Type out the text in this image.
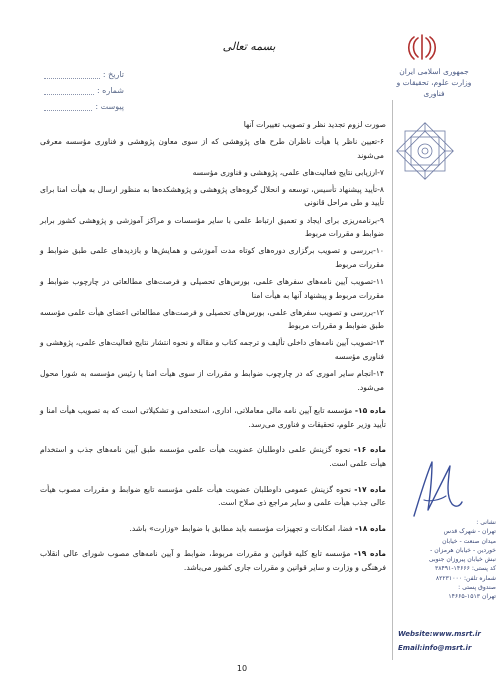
بسمه تعالی
تاریخ :
شماره :
پیوست :
جمهوری اسلامی ایران
وزارت علوم، تحقیقات و فناوری

صورت لزوم تجدید نظر و تصویب تغییرات آنها

۶-تعیین ناظر یا هیأت ناظران طرح های پژوهشی که از سوی معاون پژوهشی و فناوری مؤسسه معرفی می‌شوند

۷-ارزیابی نتایج فعالیت‌های علمی، پژوهشی و فناوری مؤسسه

۸-تأیید پیشنهاد تأسیس، توسعه و انحلال گروه‌های پژوهشی و پژوهشکده‌ها به منظور ارسال به هیأت امنا برای تأیید و طی مراحل قانونی

۹-برنامه‌ریزی برای ایجاد و تعمیق ارتباط علمی با سایر مؤسسات و مراکز آموزشی و پژوهشی کشور برابر ضوابط و مقررات مربوط

۱۰-بررسی و تصویب برگزاری دوره‌های کوتاه مدت آموزشی و همایش‌ها و بازدیدهای علمی طبق ضوابط و مقررات مربوط

۱۱-تصویب آیین نامه‌های سفرهای علمی، بورس‌های تحصیلی و فرصت‌های مطالعاتی در چارچوب ضوابط و مقررات مربوط و پیشنهاد آنها به هیأت امنا

۱۲-بررسی و تصویب سفرهای علمی، بورس‌های تحصیلی و فرصت‌های مطالعاتی اعضای هیأت علمی مؤسسه طبق ضوابط و مقررات مربوط

۱۳-تصویب آیین نامه‌های داخلی تألیف و ترجمه کتاب و مقاله و نحوه انتشار نتایج فعالیت‌های علمی، پژوهشی و فناوری مؤسسه

۱۴-انجام سایر اموری که در چارچوب ضوابط و مقررات از سوی هیأت امنا یا رئیس مؤسسه به شورا محول می‌شود.

ماده ۱۵- مؤسسه تابع آیین نامه مالی معاملاتی، اداری، استخدامی و تشکیلاتی است که به تصویب هیأت امنا و تأیید وزیر علوم، تحقیقات و فناوری می‌رسد.

ماده ۱۶- نحوه گزینش علمی داوطلبان عضویت هیأت علمی مؤسسه طبق آیین نامه‌های جذب و استخدام هیأت علمی است.

ماده ۱۷- نحوه گزینش عمومی داوطلبان عضویت هیأت علمی مؤسسه تابع ضوابط و مقررات مصوب هیأت عالی جذب هیأت علمی و سایر مراجع ذی صلاح است.

ماده ۱۸- فضا، امکانات و تجهیزات مؤسسه باید مطابق با ضوابط «وزارت» باشد.

ماده ۱۹- مؤسسه تابع کلیه قوانین و مقررات مربوط، ضوابط و آیین نامه‌های مصوب شورای عالی انقلاب فرهنگی و وزارت و سایر قوانین و مقررات جاری کشور می‌باشد.

نشانی :
تهران - شهرک قدس
میدان صنعت - خیابان
خوردین - خیابان هرمزان -
نبش خیابان پیروزان جنوبی
کد پستی: ۱۴۶۶۶-۳۸۴۹۱
شماره تلفن: ۸۲۲۳۱۰۰۰
صندوق پستی :
تهران ۱۵۱۳-۱۴۶۶۵
Website:www.msrt.ir
Email:info@msrt.ir
10
